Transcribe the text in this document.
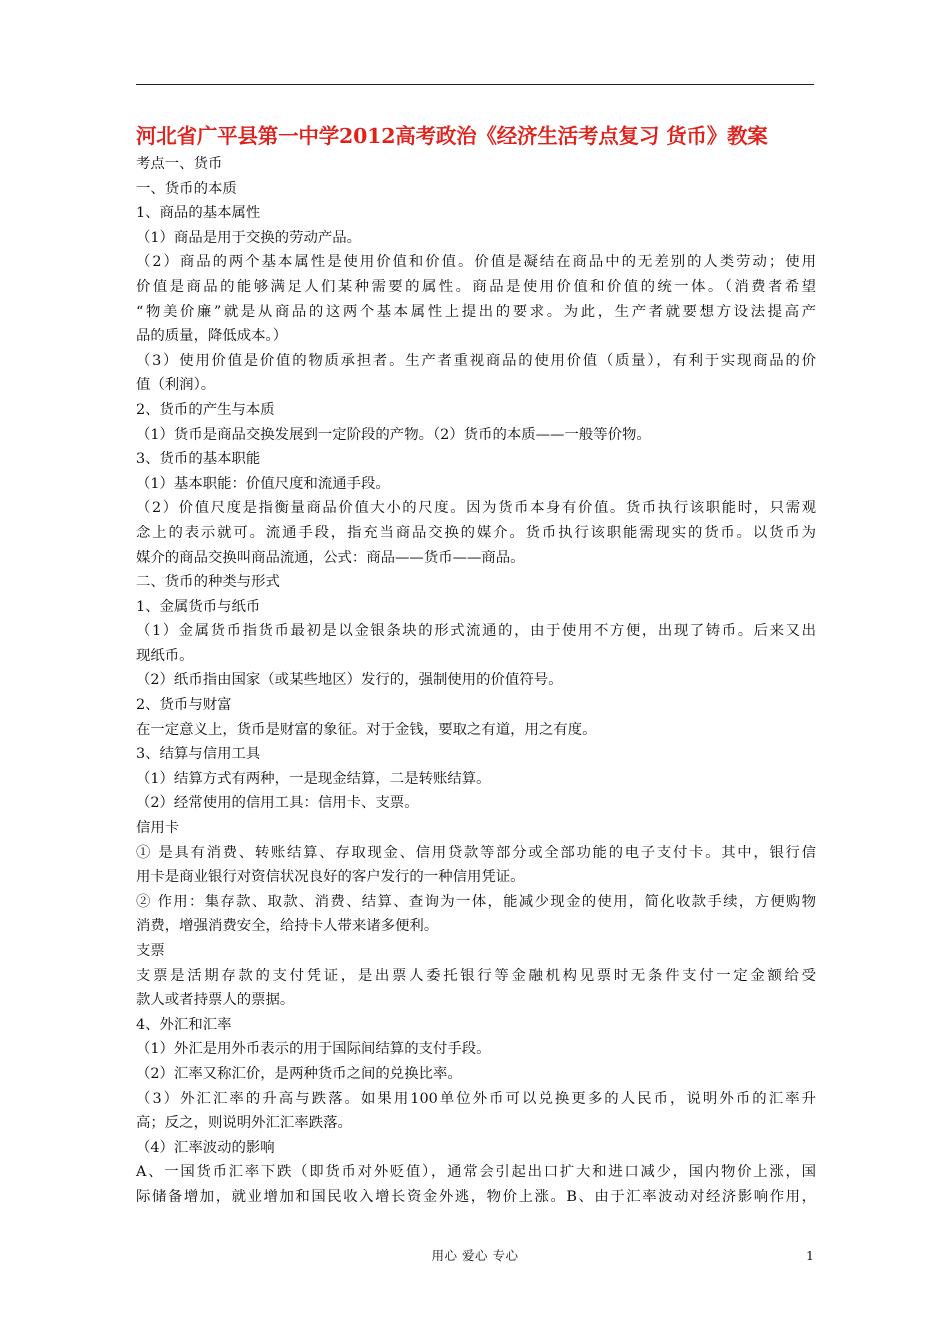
河北省广平县第一中学2012高考政治《经济生活考点复习 货币》教案
考点一、货币
一、货币的本质
1、商品的基本属性
（1）商品是用于交换的劳动产品。
（2）商品的两个基本属性是使用价值和价值。价值是凝结在商品中的无差别的人类劳动；使用
价值是商品的能够满足人们某种需要的属性。商品是使用价值和价值的统一体。（消费者希望
“物美价廉”就是从商品的这两个基本属性上提出的要求。为此，生产者就要想方设法提高产
品的质量，降低成本。）
（3）使用价值是价值的物质承担者。生产者重视商品的使用价值（质量），有利于实现商品的价
值（利润）。
2、货币的产生与本质
（1）货币是商品交换发展到一定阶段的产物。（2）货币的本质——一般等价物。
3、货币的基本职能
（1）基本职能：价值尺度和流通手段。
（2）价值尺度是指衡量商品价值大小的尺度。因为货币本身有价值。货币执行该职能时，只需观
念上的表示就可。流通手段，指充当商品交换的媒介。货币执行该职能需现实的货币。以货币为
媒介的商品交换叫商品流通，公式：商品——货币——商品。
二、货币的种类与形式
1、金属货币与纸币
（1）金属货币指货币最初是以金银条块的形式流通的，由于使用不方便，出现了铸币。后来又出
现纸币。
（2）纸币指由国家（或某些地区）发行的，强制使用的价值符号。
2、货币与财富
在一定意义上，货币是财富的象征。对于金钱，要取之有道，用之有度。
3、结算与信用工具
（1）结算方式有两种，一是现金结算，二是转账结算。
（2）经常使用的信用工具：信用卡、支票。
信用卡
① 是具有消费、转账结算、存取现金、信用贷款等部分或全部功能的电子支付卡。其中，银行信
用卡是商业银行对资信状况良好的客户发行的一种信用凭证。
② 作用：集存款、取款、消费、结算、查询为一体，能减少现金的使用，简化收款手续，方便购物
消费，增强消费安全，给持卡人带来诸多便利。
支票
支票是活期存款的支付凭证，是出票人委托银行等金融机构见票时无条件支付一定金额给受
款人或者持票人的票据。
4、外汇和汇率
（1）外汇是用外币表示的用于国际间结算的支付手段。
（2）汇率又称汇价，是两种货币之间的兑换比率。
（3）外汇汇率的升高与跌落。如果用100单位外币可以兑换更多的人民币，说明外币的汇率升
高；反之，则说明外汇汇率跌落。
（4）汇率波动的影响
A、一国货币汇率下跌（即货币对外贬值），通常会引起出口扩大和进口减少，国内物价上涨，国
际储备增加，就业增加和国民收入增长资金外逃，物价上涨。B、由于汇率波动对经济影响作用，
用心 爱心 专心	1
